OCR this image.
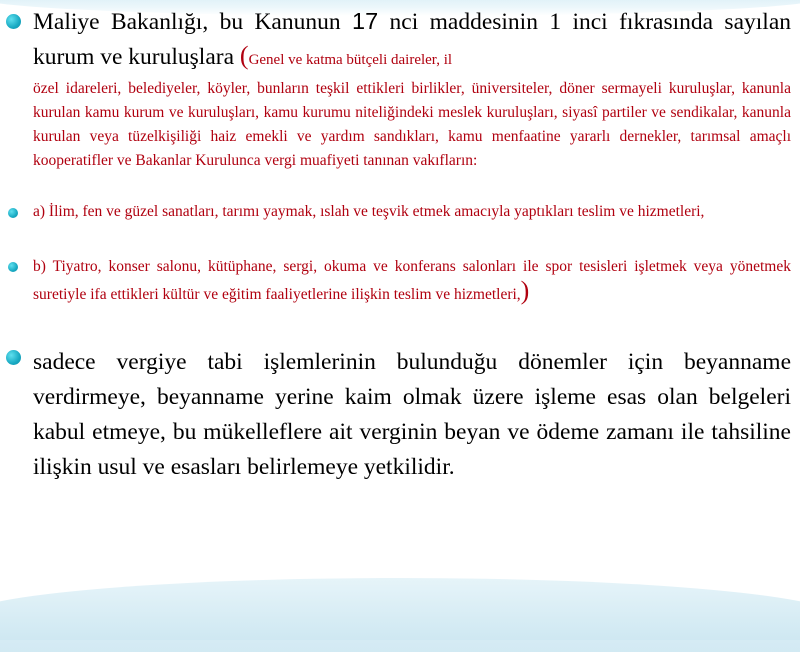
Maliye Bakanlığı, bu Kanunun 17 nci maddesinin 1 inci fıkrasında sayılan kurum ve kuruluşlara (Genel ve katma bütçeli daireler, il
özel idareleri, belediyeler, köyler, bunların teşkil ettikleri birlikler, üniversiteler, döner sermayeli kuruluşlar, kanunla kurulan kamu kurum ve kuruluşları, kamu kurumu niteliğindeki meslek kuruluşları, siyasî partiler ve sendikalar, kanunla kurulan veya tüzelkişiliği haiz emekli ve yardım sandıkları, kamu menfaatine yararlı dernekler, tarımsal amaçlı kooperatifler ve Bakanlar Kurulunca vergi muafiyeti tanınan vakıfların:
a) İlim, fen ve güzel sanatları, tarımı yaymak, ıslah ve teşvik etmek amacıyla yaptıkları teslim ve hizmetleri,
b) Tiyatro, konser salonu, kütüphane, sergi, okuma ve konferans salonları ile spor tesisleri işletmek veya yönetmek suretiyle ifa ettikleri kültür ve eğitim faaliyetlerine ilişkin teslim ve hizmetleri,)
sadece vergiye tabi işlemlerinin bulunduğu dönemler için beyanname verdirmeye, beyanname yerine kaim olmak üzere işleme esas olan belgeleri kabul etmeye, bu mükelleflere ait verginin beyan ve ödeme zamanı ile tahsiline ilişkin usul ve esasları belirlemeye yetkilidir.
